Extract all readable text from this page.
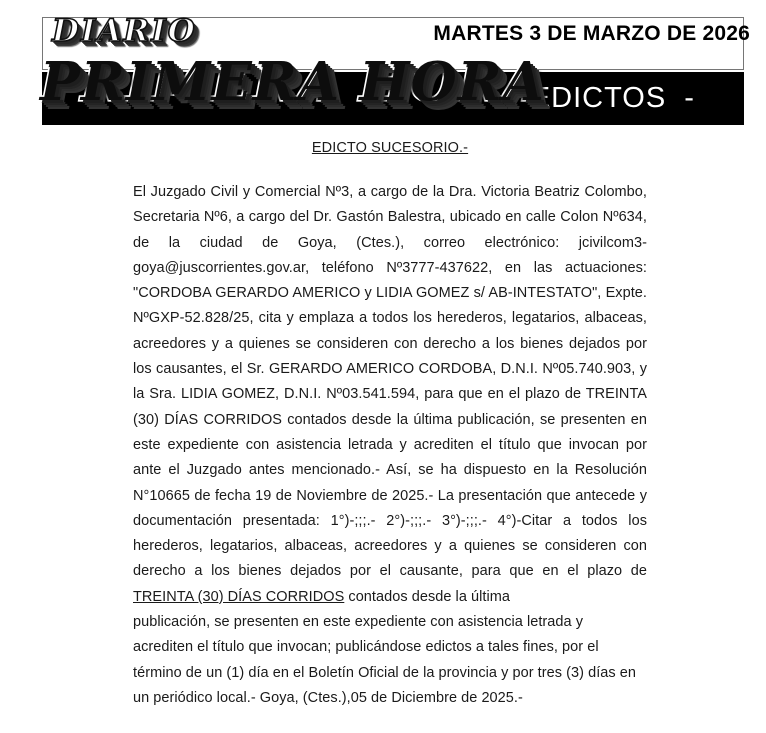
-  EDICTOS  -
MARTES 3 DE MARZO DE 2026
DIARIO
PRIMERA HORA
EDICTO SUCESORIO.-

El Juzgado Civil y Comercial Nº3, a cargo de la Dra. Victoria Beatriz Colombo, Secretaria Nº6, a cargo del Dr. Gastón Balestra, ubicado en calle Colon Nº634, de la ciudad de Goya, (Ctes.), correo electrónico: jcivilcom3-goya@juscorrientes.gov.ar, teléfono Nº3777-437622, en las actuaciones: "CORDOBA GERARDO AMERICO y LIDIA GOMEZ s/ AB-INTESTATO", Expte. NºGXP-52.828/25, cita y emplaza a todos los herederos, legatarios, albaceas, acreedores y a quienes se consideren con derecho a los bienes dejados por los causantes, el Sr. GERARDO AMERICO CORDOBA, D.N.I. Nº05.740.903, y la Sra. LIDIA GOMEZ, D.N.I. Nº03.541.594, para que en el plazo de TREINTA (30) DÍAS CORRIDOS contados desde la última publicación, se presenten en este expediente con asistencia letrada y acrediten el título que invocan por ante el Juzgado antes mencionado.- Así, se ha dispuesto en la Resolución N°10665 de fecha 19 de Noviembre de 2025.- La presentación que antecede y documentación presentada: 1°)-;;;.- 2°)-;;;.- 3°)-;;;.- 4°)-Citar a todos los herederos, legatarios, albaceas, acreedores y a quienes se consideren con derecho a los bienes dejados por el causante, para que en el plazo de TREINTA (30) DÍAS CORRIDOS contados desde la última

publicación, se presenten en este expediente con asistencia letrada y acrediten el título que invocan; publicándose edictos a tales fines, por el término de un (1) día en el Boletín Oficial de la provincia y por tres (3) días en un periódico local.- Goya, (Ctes.),05 de Diciembre de 2025.-
